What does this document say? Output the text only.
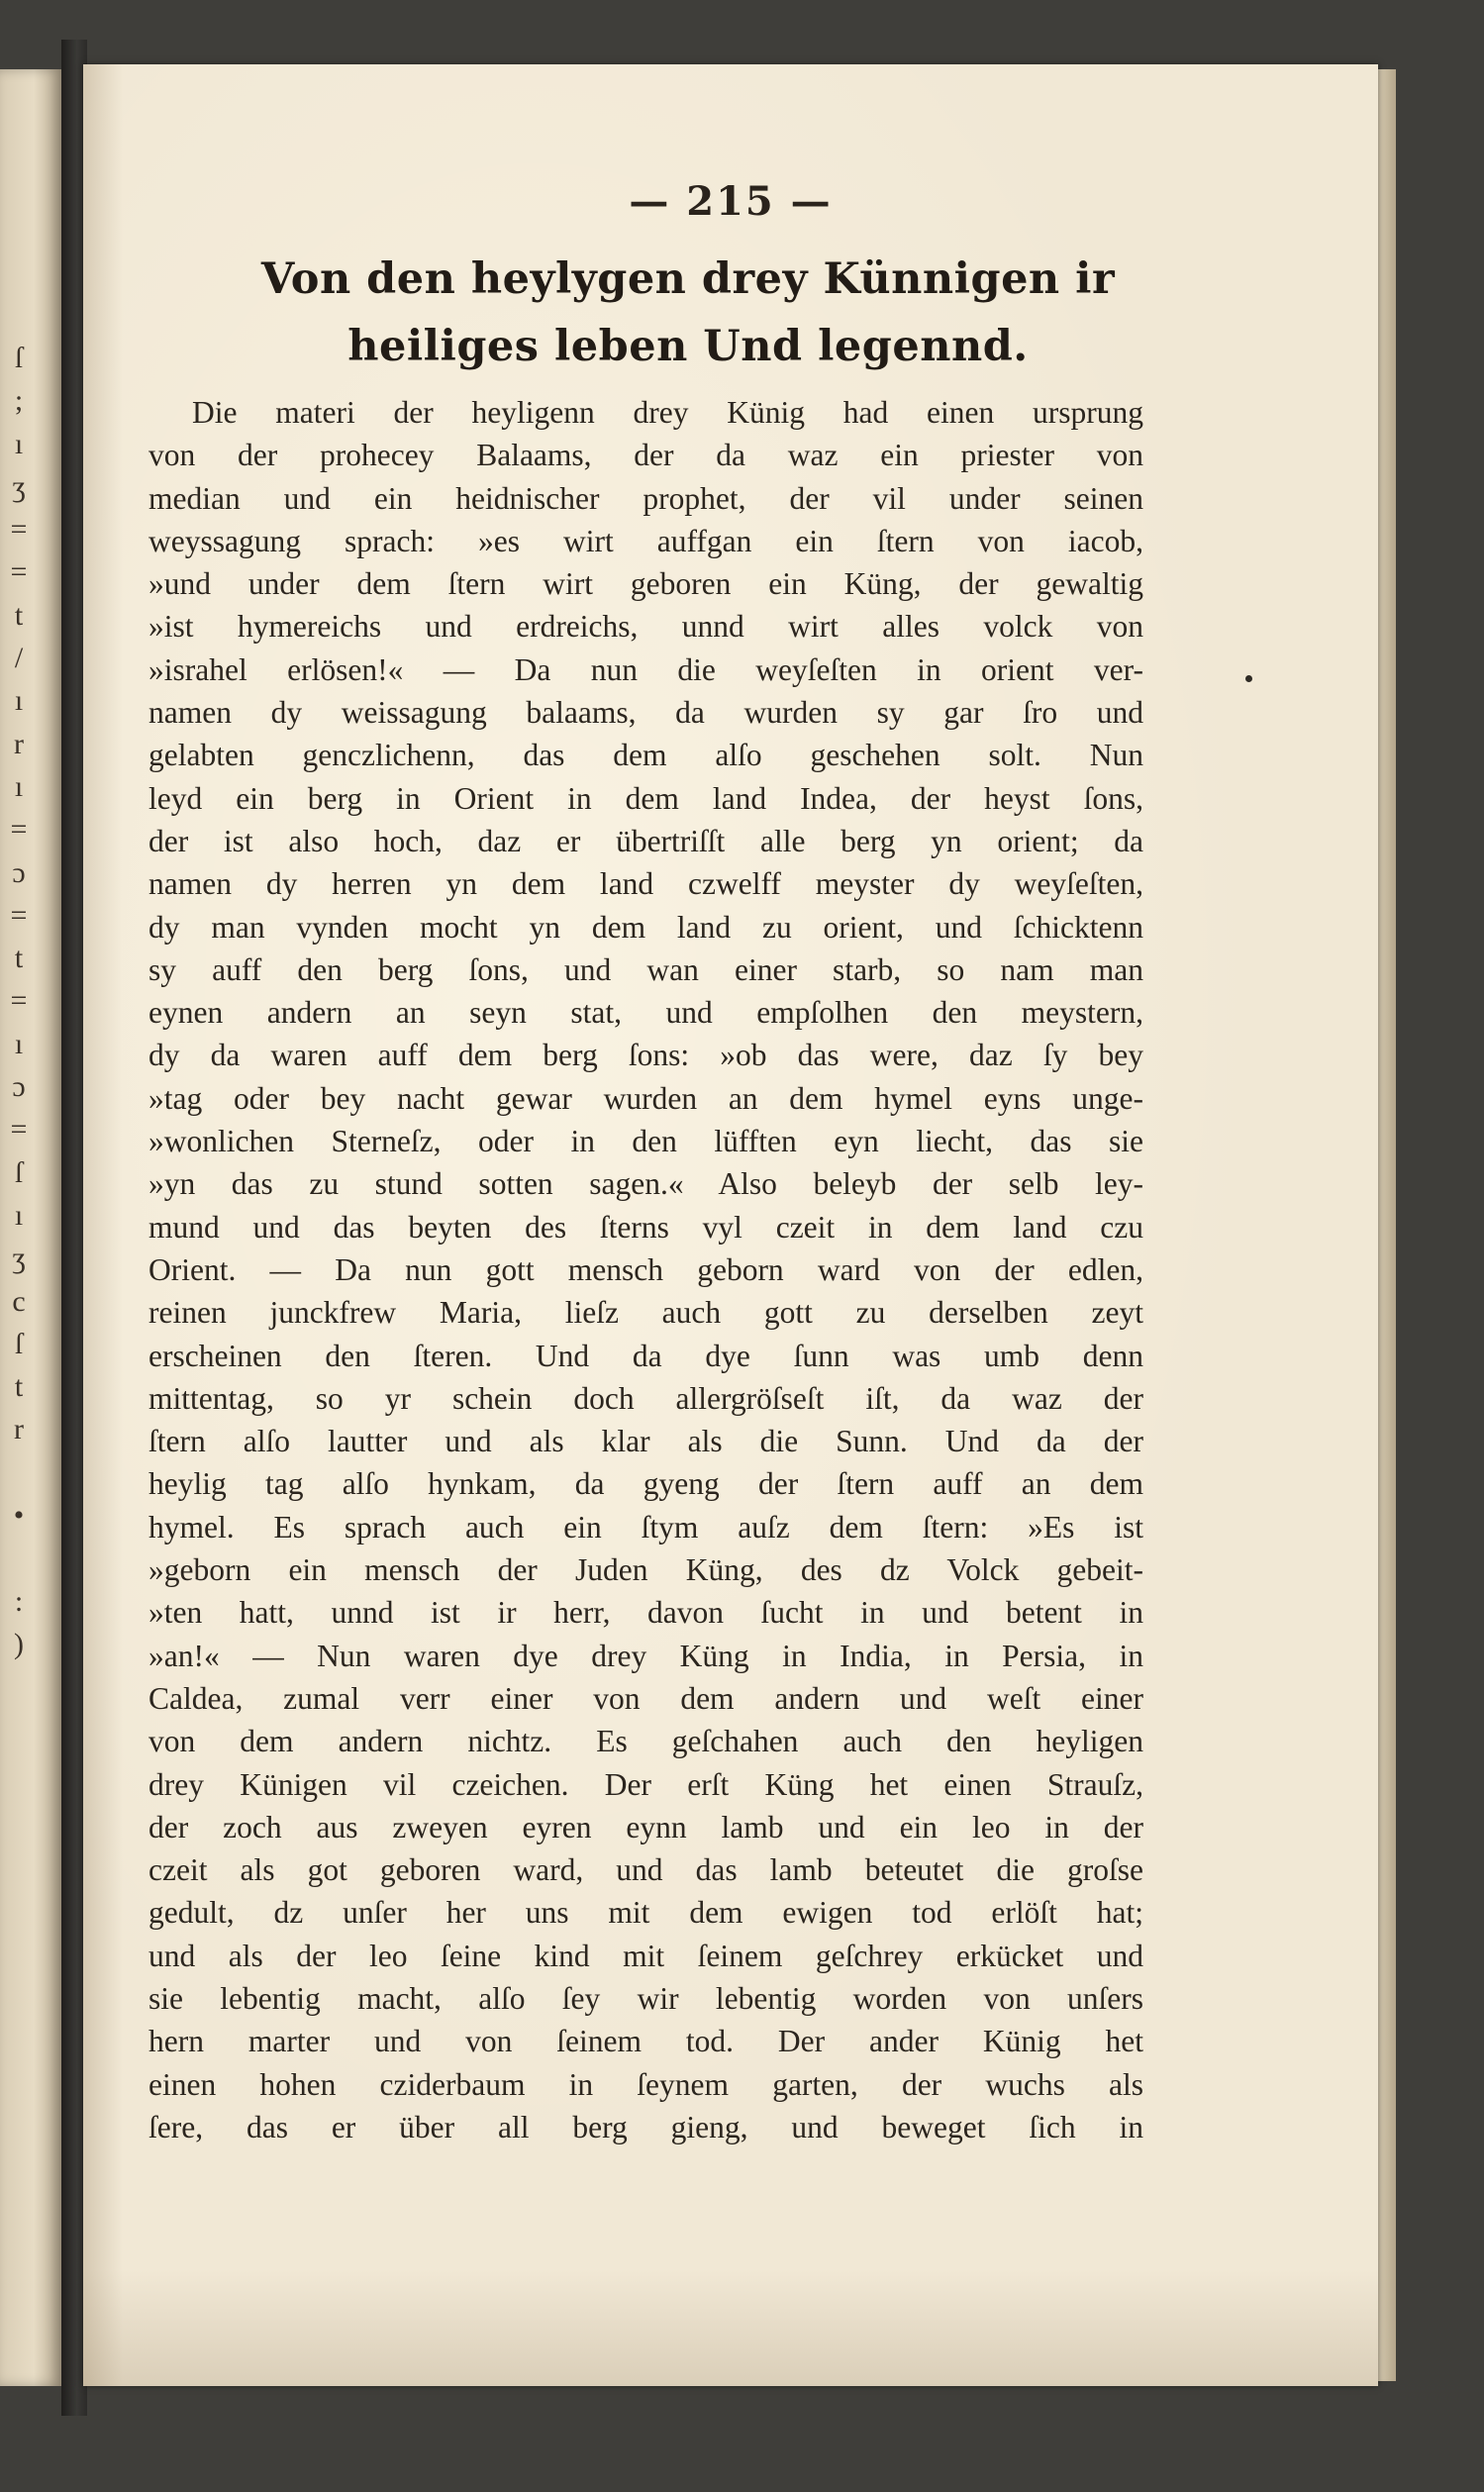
ſ
;
ı
ʒ
=
=
t
/
ı
r
ı
=
ɔ
=
t
=
ı
ɔ
=
ſ
ı
ʒ
c
ſ
t
r
•
:
)
— 215 —
Von den heylygen drey Künnigen ir
heiliges leben Und legennd.
Die materi der heyligenn drey Künig had einen ursprung
von der prohecey Balaams, der da waz ein priester von
median und ein heidnischer prophet, der vil under seinen
weyssagung sprach: »es wirt auffgan ein ſtern von iacob,
»und under dem ſtern wirt geboren ein Küng, der gewaltig
»ist hymereichs und erdreichs, unnd wirt alles volck von
»israhel erlösen!« — Da nun die weyſeſten in orient ver-
namen dy weissagung balaams, da wurden sy gar ſro und
gelabten genczlichenn, das dem alſo geschehen solt. Nun
leyd ein berg in Orient in dem land Indea, der heyst ſons,
der ist also hoch, daz er übertriſſt alle berg yn orient; da
namen dy herren yn dem land czwelff meyster dy weyſeſten,
dy man vynden mocht yn dem land zu orient, und ſchicktenn
sy auff den berg ſons, und wan einer starb, so nam man
eynen andern an seyn stat, und empſolhen den meystern,
dy da waren auff dem berg ſons: »ob das were, daz ſy bey
»tag oder bey nacht gewar wurden an dem hymel eyns unge-
»wonlichen Sterneſz, oder in den lüfften eyn liecht, das sie
»yn das zu stund sotten sagen.« Also beleyb der selb ley-
mund und das beyten des ſterns vyl czeit in dem land czu
Orient. — Da nun gott mensch geborn ward von der edlen,
reinen junckfrew Maria, lieſz auch gott zu derselben zeyt
erscheinen den ſteren. Und da dye ſunn was umb denn
mittentag, so yr schein doch allergröſseſt iſt, da waz der
ſtern alſo lautter und als klar als die Sunn. Und da der
heylig tag alſo hynkam, da gyeng der ſtern auff an dem
hymel. Es sprach auch ein ſtym auſz dem ſtern: »Es ist
»geborn ein mensch der Juden Küng, des dz Volck gebeit-
»ten hatt, unnd ist ir herr, davon ſucht in und betent in
»an!« — Nun waren dye drey Küng in India, in Persia, in
Caldea, zumal verr einer von dem andern und weſt einer
von dem andern nichtz. Es geſchahen auch den heyligen
drey Künigen vil czeichen. Der erſt Küng het einen Strauſz,
der zoch aus zweyen eyren eynn lamb und ein leo in der
czeit als got geboren ward, und das lamb beteutet die groſse
gedult, dz unſer her uns mit dem ewigen tod erlöſt hat;
und als der leo ſeine kind mit ſeinem geſchrey erkücket und
sie lebentig macht, alſo ſey wir lebentig worden von unſers
hern marter und von ſeinem tod. Der ander Künig het
einen hohen cziderbaum in ſeynem garten, der wuchs als
ſere, das er über all berg gieng, und beweget ſich in
